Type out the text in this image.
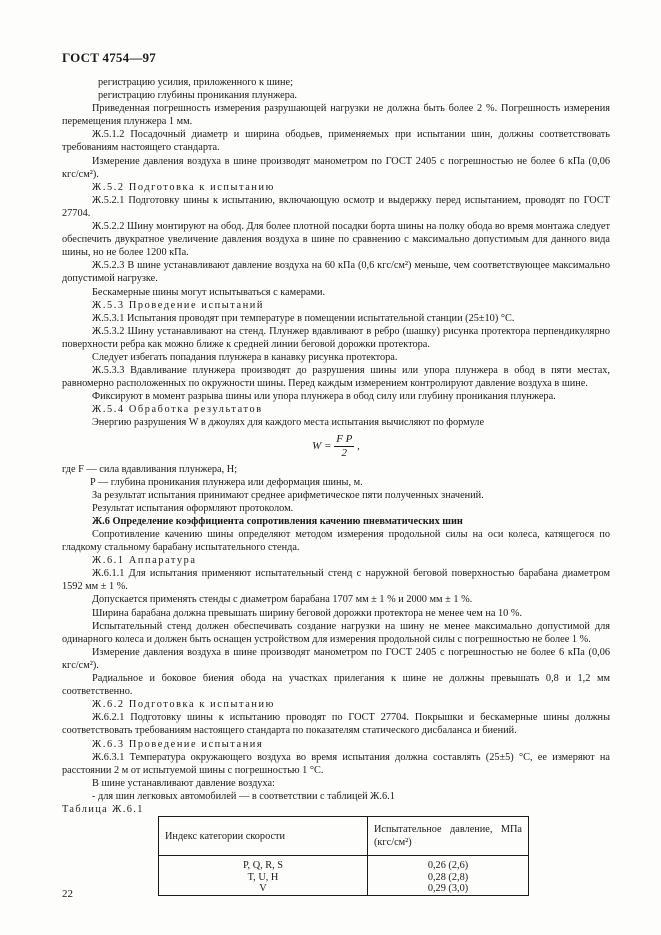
ГОСТ 4754—97

регистрацию усилия, приложенного к шине;

регистрацию глубины проникания плунжера.

Приведенная погрешность измерения разрушающей нагрузки не должна быть более 2 %. Погрешность измерения перемещения плунжера 1 мм.

Ж.5.1.2 Посадочный диаметр и ширина ободьев, применяемых при испытании шин, должны соответствовать требованиям настоящего стандарта.

Измерение давления воздуха в шине производят манометром по ГОСТ 2405 с погрешностью не более 6 кПа (0,06 кгс/см²).

Ж.5.2 Подготовка к испытанию

Ж.5.2.1 Подготовку шины к испытанию, включающую осмотр и выдержку перед испытанием, проводят по ГОСТ 27704.

Ж.5.2.2 Шину монтируют на обод. Для более плотной посадки борта шины на полку обода во время монтажа следует обеспечить двукратное увеличение давления воздуха в шине по сравнению с максимально допустимым для данного вида шины, но не более 1200 кПа.

Ж.5.2.3 В шине устанавливают давление воздуха на 60 кПа (0,6 кгс/см²) меньше, чем соответствующее максимально допустимой нагрузке.

Бескамерные шины могут испытываться с камерами.

Ж.5.3 Проведение испытаний

Ж.5.3.1 Испытания проводят при температуре в помещении испытательной станции (25±10) °С.

Ж.5.3.2 Шину устанавливают на стенд. Плунжер вдавливают в ребро (шашку) рисунка протектора перпендикулярно поверхности ребра как можно ближе к средней линии беговой дорожки протектора.

Следует избегать попадания плунжера в канавку рисунка протектора.

Ж.5.3.3 Вдавливание плунжера производят до разрушения шины или упора плунжера в обод в пяти местах, равномерно расположенных по окружности шины. Перед каждым измерением контролируют давление воздуха в шине.

Фиксируют в момент разрыва шины или упора плунжера в обод силу или глубину проникания плунжера.

Ж.5.4 Обработка результатов

Энергию разрушения W в джоулях для каждого места испытания вычисляют по формуле

$W = \frac{\text{F P}}{2}$ ,

где F — сила вдавливания плунжера, Н;

P — глубина проникания плунжера или деформация шины, м.

За результат испытания принимают среднее арифметическое пяти полученных значений.

Результат испытания оформляют протоколом.

Ж.6 Определение коэффициента сопротивления качению пневматических шин

Сопротивление качению шины определяют методом измерения продольной силы на оси колеса, катящегося по гладкому стальному барабану испытательного стенда.

Ж.6.1 Аппаратура

Ж.6.1.1 Для испытания применяют испытательный стенд с наружной беговой поверхностью барабана диаметром 1592 мм ± 1 %.

Допускается применять стенды с диаметром барабана 1707 мм ± 1 % и 2000 мм ± 1 %.

Ширина барабана должна превышать ширину беговой дорожки протектора не менее чем на 10 %.

Испытательный стенд должен обеспечивать создание нагрузки на шину не менее максимально допустимой для одинарного колеса и должен быть оснащен устройством для измерения продольной силы с погрешностью не более 1 %.

Измерение давления воздуха в шине производят манометром по ГОСТ 2405 с погрешностью не более 6 кПа (0,06 кгс/см²).

Радиальное и боковое биения обода на участках прилегания к шине не должны превышать 0,8 и 1,2 мм соответственно.

Ж.6.2 Подготовка к испытанию

Ж.6.2.1 Подготовку шины к испытанию проводят по ГОСТ 27704. Покрышки и бескамерные шины должны соответствовать требованиям настоящего стандарта по показателям статического дисбаланса и биений.

Ж.6.3 Проведение испытания

Ж.6.3.1 Температура окружающего воздуха во время испытания должна составлять (25±5) °С, ее измеряют на расстоянии 2 м от испытуемой шины с погрешностью 1 °С.

В шине устанавливают давление воздуха:

- для шин легковых автомобилей — в соответствии с таблицей Ж.6.1

Таблица Ж.6.1

Индекс категории скорости	Испытательное давление, МПа (кгс/см²)
P, Q, R, S	0,26 (2,6)
T, U, H	0,28 (2,8)
V	0,29 (3,0)
22
